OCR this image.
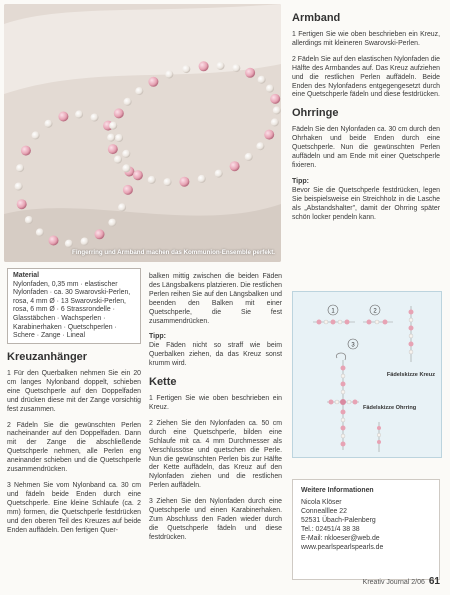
Fingerring und Armband machen das Kommunion-Ensemble perfekt.
Material
Nylonfaden, 0,35 mm · elastischer Nylonfaden · ca. 30 Swarovski-Perlen, rosa, 4 mm Ø · 13 Swarovski-Perlen, rosa, 6 mm Ø · 6 Strassrondelle · Glasstäbchen · Wachsperlen · Karabinerhaken · Quetschperlen · Schere · Zange · Lineal
Kreuzanhänger

1 Für den Querbalken nehmen Sie ein 20 cm langes Nylonband doppelt, schieben eine Quetschperle auf den Doppelfaden und drücken diese mit der Zange vorsichtig fest zusammen.

2 Fädeln Sie die gewünschten Perlen nacheinander auf den Doppelfaden. Dann mit der Zange die abschließende Quetschperle nehmen, alle Perlen eng aneinander schieben und die Quetschperle zusammendrücken.

3 Nehmen Sie vom Nylonband ca. 30 cm und fädeln beide Enden durch eine Quetschperle. Eine kleine Schlaufe (ca. 2 mm) formen, die Quetschperle festdrücken und den oberen Teil des Kreuzes auf beide Enden auffädeln. Den fertigen Quer-

balken mittig zwischen die beiden Fäden des Längsbalkens platzieren. Die restlichen Perlen reihen Sie auf den Längsbalken und beenden den Balken mit einer Quetschperle, die Sie fest zusammendrücken.

Tipp:

Die Fäden nicht so straff wie beim Querbalken ziehen, da das Kreuz sonst krumm wird.

Kette

1 Fertigen Sie wie oben beschrieben ein Kreuz.

2 Ziehen Sie den Nylonfaden ca. 50 cm durch eine Quetschperle, bilden eine Schlaufe mit ca. 4 mm Durchmesser als Verschlussöse und quetschen die Perle. Nun die gewünschten Perlen bis zur Hälfte der Kette auffädeln, das Kreuz auf den Nylonfaden ziehen und die restlichen Perlen auffädeln.

3 Ziehen Sie den Nylonfaden durch eine Quetschperle und einen Karabinerhaken. Zum Abschluss den Faden wieder durch die Quetschperle fädeln und diese festdrücken.

Armband

1 Fertigen Sie wie oben beschrieben ein Kreuz, allerdings mit kleineren Swarovski-Perlen.

2 Fädeln Sie auf den elastischen Nylonfaden die Hälfte des Armbandes auf. Das Kreuz aufziehen und die restlichen Perlen auffädeln. Beide Enden des Nylonfadens entgegengesetzt durch eine Quetschperle fädeln und diese festdrücken.

Ohrringe

Fädeln Sie den Nylonfaden ca. 30 cm durch den Ohrhaken und beide Enden durch eine Quetschperle. Nun die gewünschten Perlen auffädeln und am Ende mit einer Quetschperle fixieren.

Tipp:

Bevor Sie die Quetschperle festdrücken, legen Sie beispielsweise ein Streichholz in die Lasche als „Abstandshalter", damit der Ohrring später schön locker pendeln kann.

1	2
3
Fädelskizze Kreuz
Fädelskizze Ohrring
Weitere Informationen
Nicola Klöser
Connealllee 22
52531 Übach-Palenberg
Tel.: 02451/4 38 38
E-Mail: nkloeser@web.de
www.pearlspearlspearls.de
Kreativ Journal 2/06 61
